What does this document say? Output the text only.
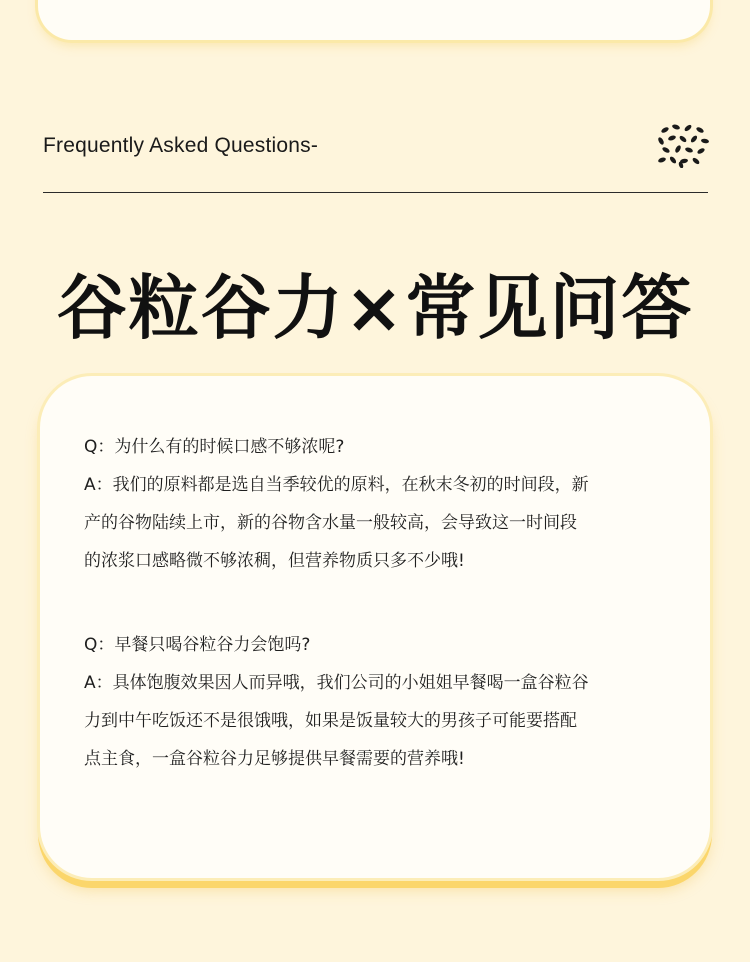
Frequently Asked Questions-
谷粒谷力×常见问答
Q：为什么有的时候口感不够浓呢?
A：我们的原料都是选自当季较优的原料，在秋末冬初的时间段，新
产的谷物陆续上市，新的谷物含水量一般较高，会导致这一时间段
的浓浆口感略微不够浓稠，但营养物质只多不少哦!
Q：早餐只喝谷粒谷力会饱吗?
A：具体饱腹效果因人而异哦，我们公司的小姐姐早餐喝一盒谷粒谷
力到中午吃饭还不是很饿哦，如果是饭量较大的男孩子可能要搭配
点主食，一盒谷粒谷力足够提供早餐需要的营养哦!
